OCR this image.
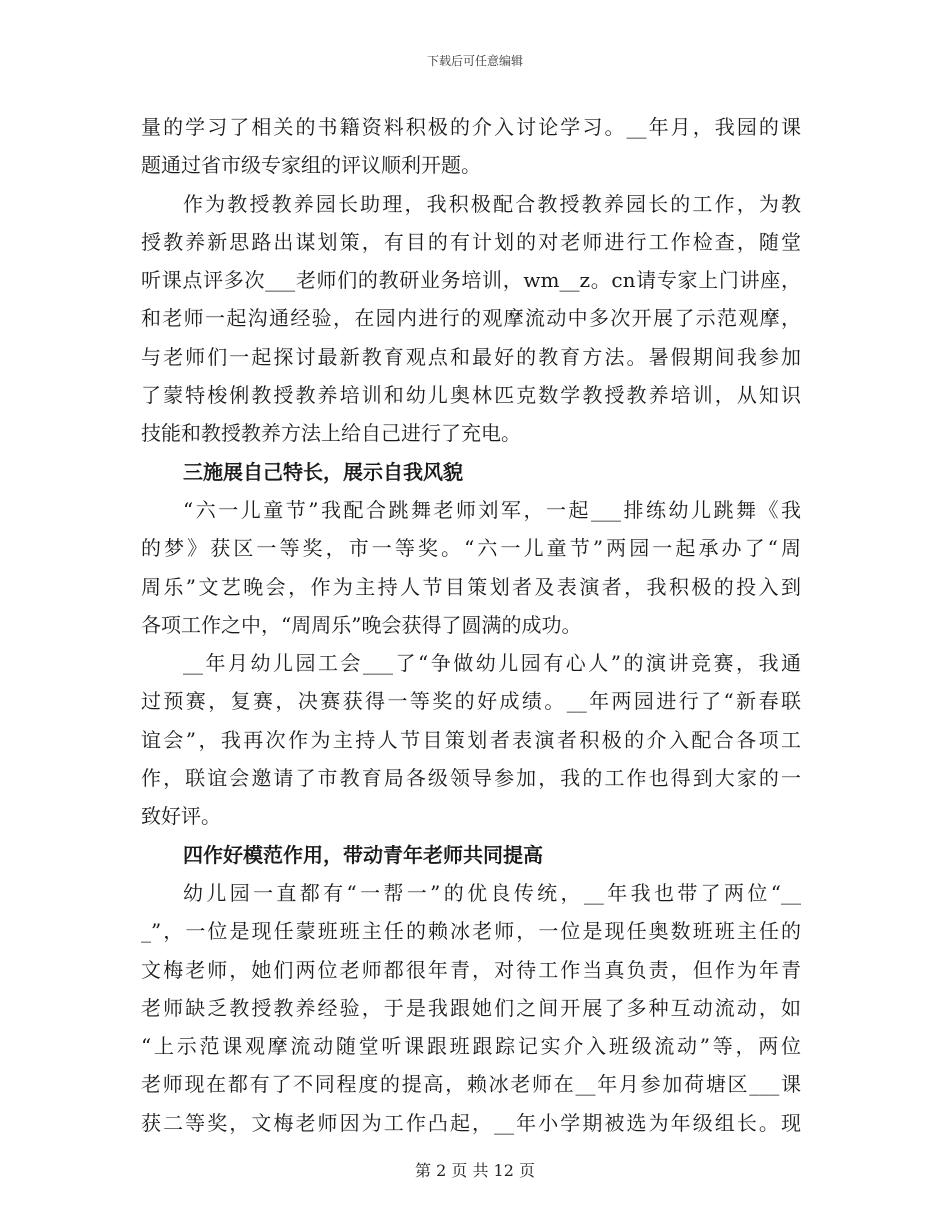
下载后可任意编辑
量的学习了相关的书籍资料积极的介入讨论学习。__年月，我园的课
题通过省市级专家组的评议顺利开题。
作为教授教养园长助理，我积极配合教授教养园长的工作，为教
授教养新思路出谋划策，有目的有计划的对老师进行工作检查，随堂
听课点评多次___老师们的教研业务培训，wm__z。cn请专家上门讲座，
和老师一起沟通经验，在园内进行的观摩流动中多次开展了示范观摩，
与老师们一起探讨最新教育观点和最好的教育方法。暑假期间我参加
了蒙特梭俐教授教养培训和幼儿奥林匹克数学教授教养培训，从知识
技能和教授教养方法上给自己进行了充电。
三施展自己特长，展示自我风貌
“六一儿童节”我配合跳舞老师刘军，一起___排练幼儿跳舞《我
的梦》获区一等奖，市一等奖。“六一儿童节”两园一起承办了“周
周乐”文艺晚会，作为主持人节目策划者及表演者，我积极的投入到
各项工作之中，“周周乐”晚会获得了圆满的成功。
__年月幼儿园工会___了“争做幼儿园有心人”的演讲竞赛，我通
过预赛，复赛，决赛获得一等奖的好成绩。__年两园进行了“新春联
谊会”，我再次作为主持人节目策划者表演者积极的介入配合各项工
作，联谊会邀请了市教育局各级领导参加，我的工作也得到大家的一
致好评。
四作好模范作用，带动青年老师共同提高
幼儿园一直都有“一帮一”的优良传统，__年我也带了两位“__
_”，一位是现任蒙班班主任的赖冰老师，一位是现任奥数班班主任的
文梅老师，她们两位老师都很年青，对待工作当真负责，但作为年青
老师缺乏教授教养经验，于是我跟她们之间开展了多种互动流动，如
“上示范课观摩流动随堂听课跟班跟踪记实介入班级流动”等，两位
老师现在都有了不同程度的提高，赖冰老师在__年月参加荷塘区___课
获二等奖，文梅老师因为工作凸起，__年小学期被选为年级组长。现
第 2 页 共 12 页
